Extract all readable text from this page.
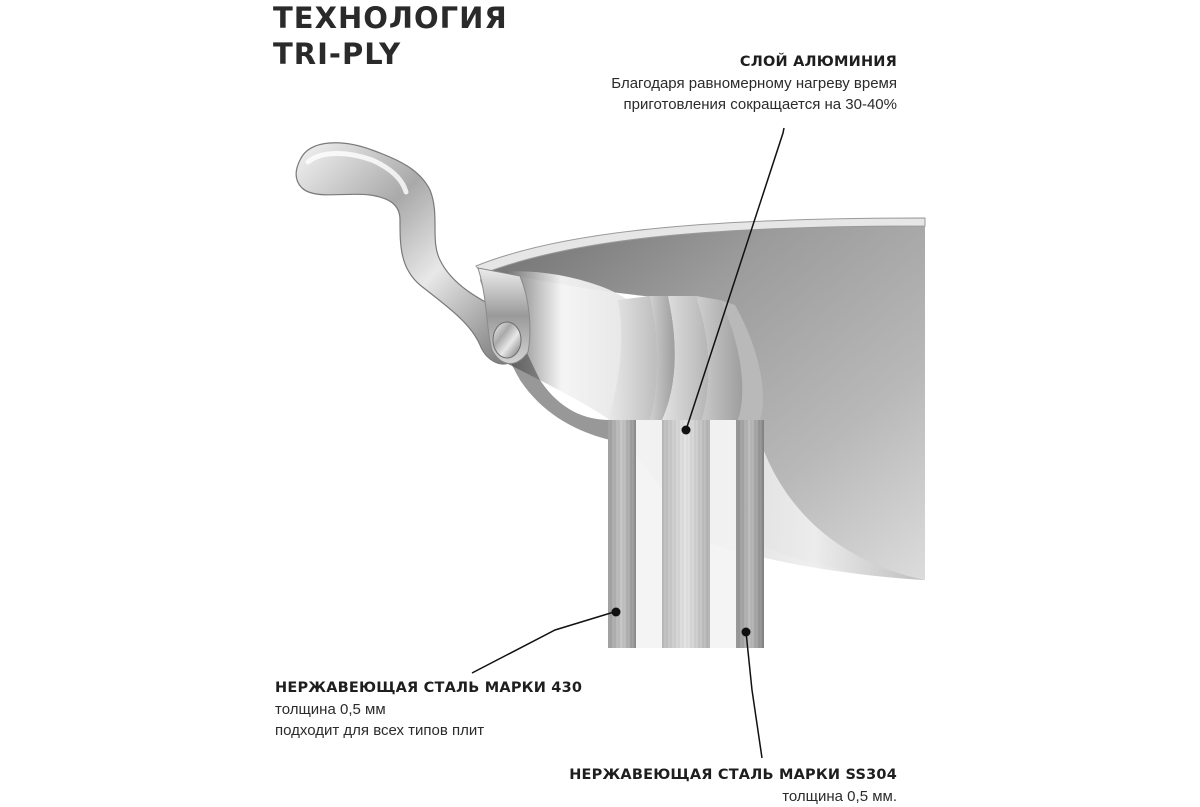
ТЕХНОЛОГИЯ
TRI-PLY	СЛОЙ АЛЮМИНИЯ
Благодаря равномерному нагреву время
приготовления сокращается на 30-40%
НЕРЖАВЕЮЩАЯ СТАЛЬ МАРКИ 430
толщина 0,5 мм
подходит для всех типов плит
НЕРЖАВЕЮЩАЯ СТАЛЬ МАРКИ SS304
толщина 0,5 мм.
